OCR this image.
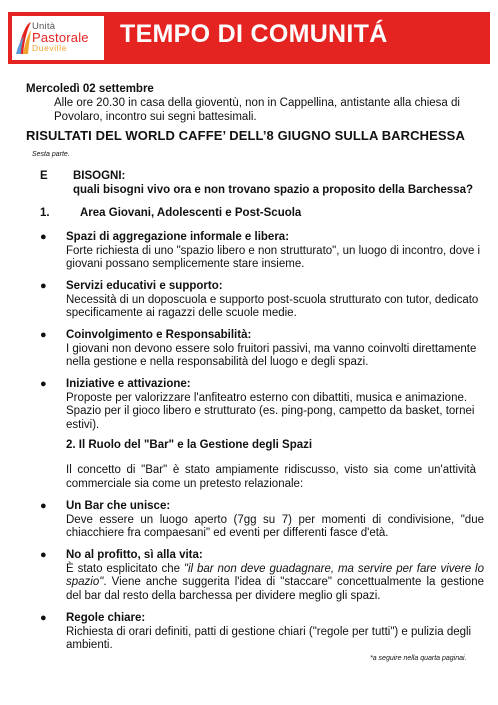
Unità
Pastorale
Dueville	TEMPO DI COMUNITÁ
Mercoledì 02 settembre
Alle ore 20.30 in casa della gioventù, non in Cappellina, antistante alla chiesa di Povolaro, incontro sui segni battesimali.
RISULTATI DEL WORLD CAFFE’ DELL’8 GIUGNO SULLA BARCHESSA
Sesta parte.
E BISOGNI:
quali bisogni vivo ora e non trovano spazio a proposito della Barchessa?
1.	Area Giovani, Adolescenti e Post-Scuola
● Spazi di aggregazione informale e libera:
Forte richiesta di uno "spazio libero e non strutturato", un luogo di incontro, dove i giovani possano semplicemente stare insieme.
● Servizi educativi e supporto:
Necessità di un doposcuola e supporto post-scuola strutturato con tutor, dedicato specificamente ai ragazzi delle scuole medie.
● Coinvolgimento e Responsabilità:
I giovani non devono essere solo fruitori passivi, ma vanno coinvolti direttamente nella gestione e nella responsabilità del luogo e degli spazi.
● Iniziative e attivazione:
Proposte per valorizzare l'anfiteatro esterno con dibattiti, musica e animazione. Spazio per il gioco libero e strutturato (es. ping-pong, campetto da basket, tornei estivi).
2. Il Ruolo del "Bar" e la Gestione degli Spazi
Il concetto di "Bar" è stato ampiamente ridiscusso, visto sia come un'attività commerciale sia come un pretesto relazionale:
● Un Bar che unisce:
Deve essere un luogo aperto (7gg su 7) per momenti di condivisione, "due chiacchiere fra compaesani" ed eventi per differenti fasce d'età.
● No al profitto, sì alla vita:
È stato esplicitato che "il bar non deve guadagnare, ma servire per fare vivere lo spazio". Viene anche suggerita l'idea di "staccare" concettualmente la gestione del bar dal resto della barchessa per dividere meglio gli spazi.
● Regole chiare:
Richiesta di orari definiti, patti di gestione chiari ("regole per tutti") e pulizia degli ambienti.
*a seguire nella quarta paginai.
